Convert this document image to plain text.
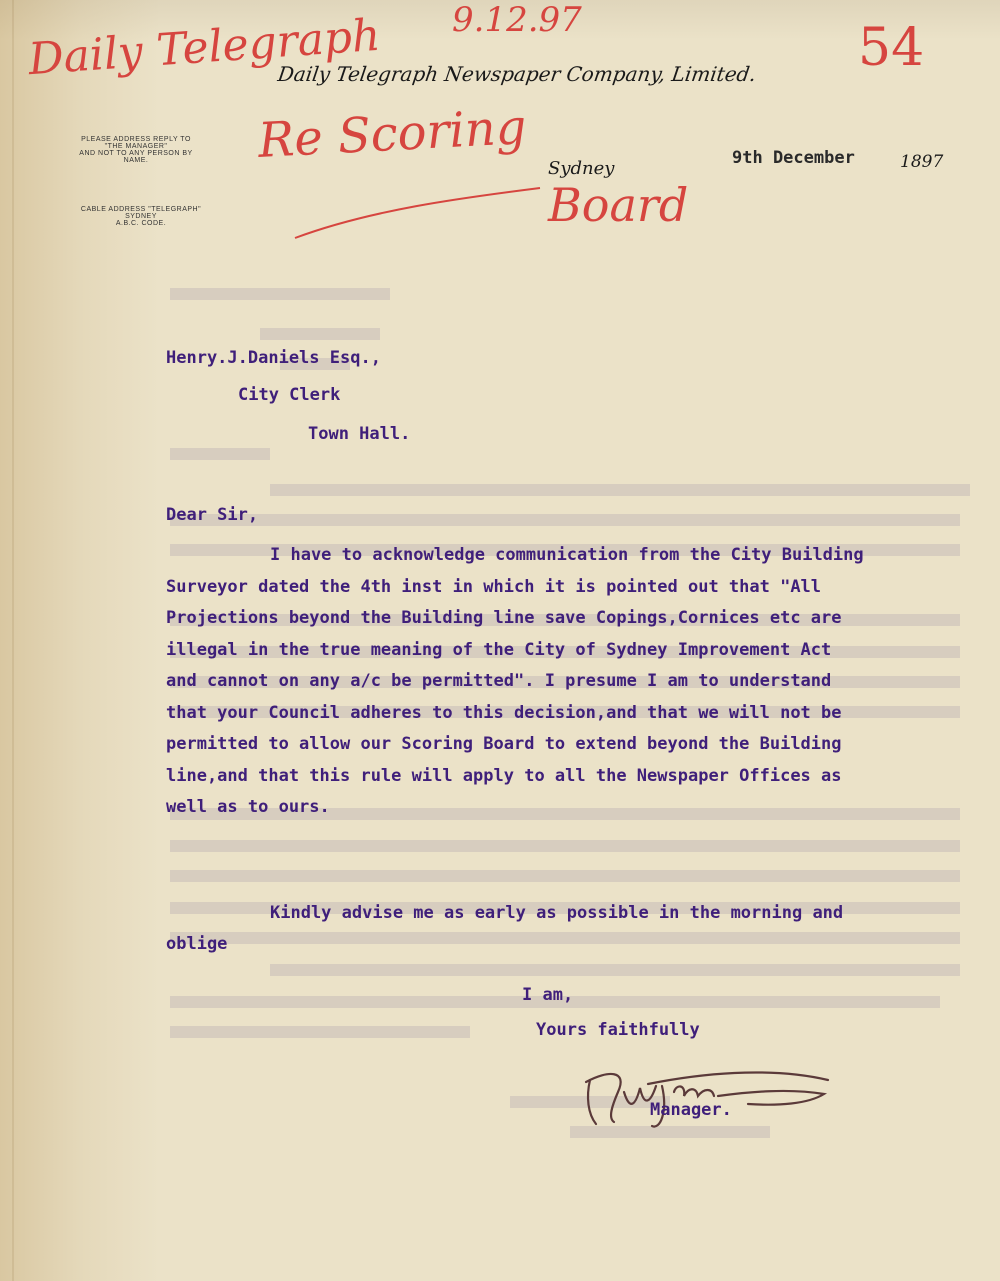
Daily Telegraph Newspaper Company, Limited.
PLEASE ADDRESS REPLY TO
"THE MANAGER"
AND NOT TO ANY PERSON BY NAME.
CABLE ADDRESS "TELEGRAPH" SYDNEY
A.B.C. CODE.
Sydney	9th December	1897
Daily Telegraph 9.12.97	54
Re Scoring
Board
Henry.J.Daniels Esq.,
City Clerk
Town Hall.
Dear Sir,
I have to acknowledge communication from the City Building
Surveyor dated the 4th inst in which it is pointed out that "All
Projections beyond the Building line save Copings,Cornices etc are
illegal in the true meaning of the City of Sydney Improvement Act
and cannot on any a/c be permitted". I presume I am to understand
that your Council adheres to this decision,and that we will not be
permitted to allow our Scoring Board to extend beyond the Building
line,and that this rule will apply to all the Newspaper Offices as
well as to ours.
Kindly advise me as early as possible in the morning and
oblige
I am,
Yours faithfully
Manager.
